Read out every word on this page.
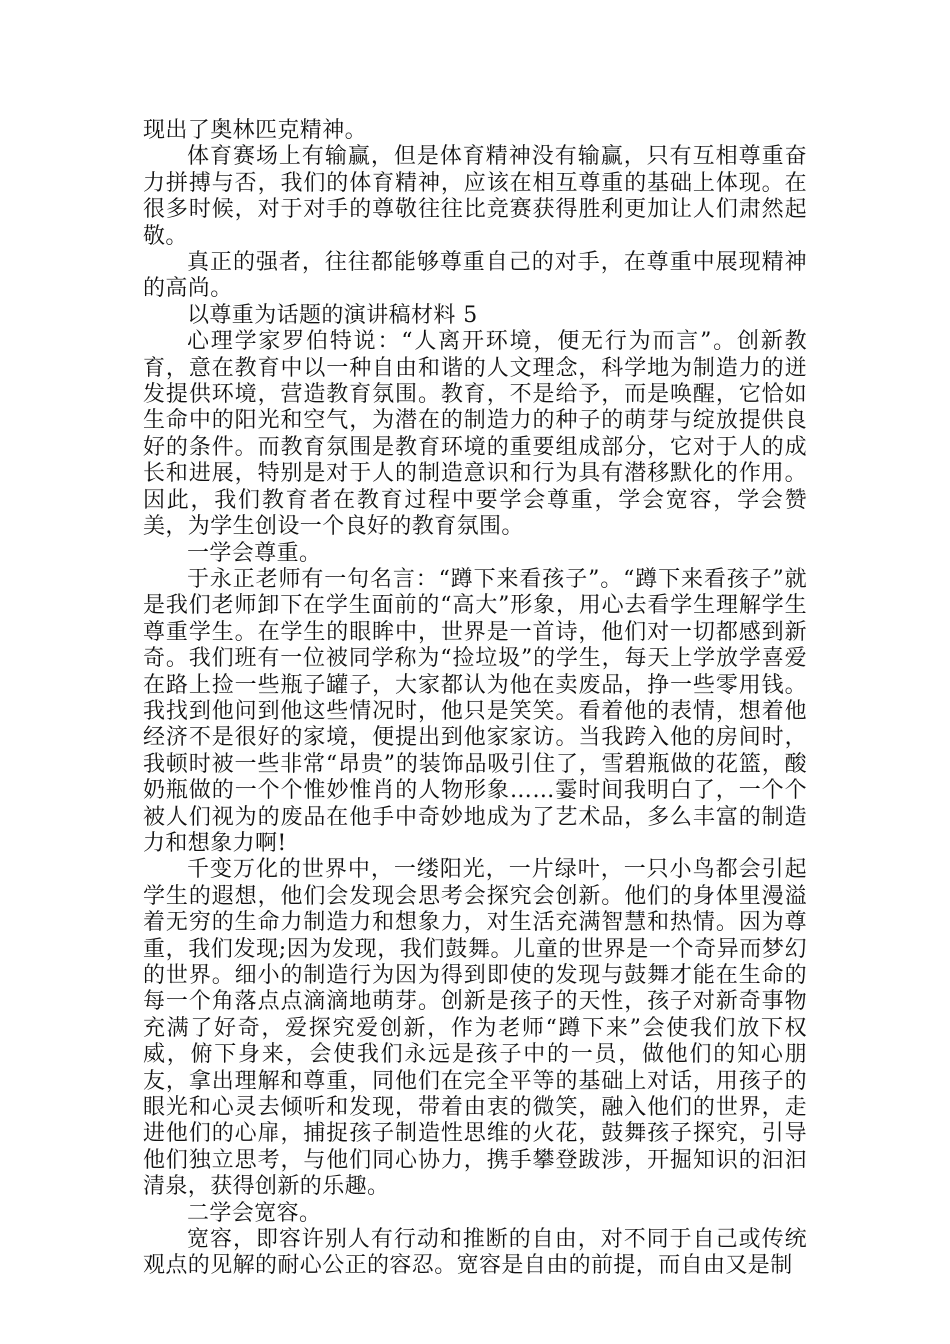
现出了奥林匹克精神。

体育赛场上有输赢，但是体育精神没有输赢，只有互相尊重奋力拼搏与否，我们的体育精神，应该在相互尊重的基础上体现。在很多时候，对于对手的尊敬往往比竞赛获得胜利更加让人们肃然起敬。

真正的强者，往往都能够尊重自己的对手，在尊重中展现精神的高尚。

以尊重为话题的演讲稿材料 5

心理学家罗伯特说：“人离开环境，便无行为而言”。创新教育，意在教育中以一种自由和谐的人文理念，科学地为制造力的迸发提供环境，营造教育氛围。教育，不是给予，而是唤醒，它恰如生命中的阳光和空气，为潜在的制造力的种子的萌芽与绽放提供良好的条件。而教育氛围是教育环境的重要组成部分，它对于人的成长和进展，特别是对于人的制造意识和行为具有潜移默化的作用。因此，我们教育者在教育过程中要学会尊重，学会宽容，学会赞美，为学生创设一个良好的教育氛围。

一学会尊重。

于永正老师有一句名言：“蹲下来看孩子”。“蹲下来看孩子”就是我们老师卸下在学生面前的“高大”形象，用心去看学生理解学生尊重学生。在学生的眼眸中，世界是一首诗，他们对一切都感到新奇。我们班有一位被同学称为“捡垃圾”的学生，每天上学放学喜爱在路上捡一些瓶子罐子，大家都认为他在卖废品，挣一些零用钱。我找到他问到他这些情况时，他只是笑笑。看着他的表情，想着他经济不是很好的家境，便提出到他家家访。当我跨入他的房间时，我顿时被一些非常“昂贵”的装饰品吸引住了，雪碧瓶做的花篮，酸奶瓶做的一个个惟妙惟肖的人物形象……霎时间我明白了，一个个被人们视为的废品在他手中奇妙地成为了艺术品，多么丰富的制造力和想象力啊!

千变万化的世界中，一缕阳光，一片绿叶，一只小鸟都会引起学生的遐想，他们会发现会思考会探究会创新。他们的身体里漫溢着无穷的生命力制造力和想象力，对生活充满智慧和热情。因为尊重，我们发现;因为发现，我们鼓舞。儿童的世界是一个奇异而梦幻的世界。细小的制造行为因为得到即使的发现与鼓舞才能在生命的每一个角落点点滴滴地萌芽。创新是孩子的天性，孩子对新奇事物充满了好奇，爱探究爱创新，作为老师“蹲下来”会使我们放下权威，俯下身来，会使我们永远是孩子中的一员，做他们的知心朋友，拿出理解和尊重，同他们在完全平等的基础上对话，用孩子的眼光和心灵去倾听和发现，带着由衷的微笑，融入他们的世界，走进他们的心扉，捕捉孩子制造性思维的火花，鼓舞孩子探究，引导他们独立思考，与他们同心协力，携手攀登跋涉，开掘知识的汩汩清泉，获得创新的乐趣。

二学会宽容。

宽容，即容许别人有行动和推断的自由，对不同于自己或传统观点的见解的耐心公正的容忍。宽容是自由的前提，而自由又是制
